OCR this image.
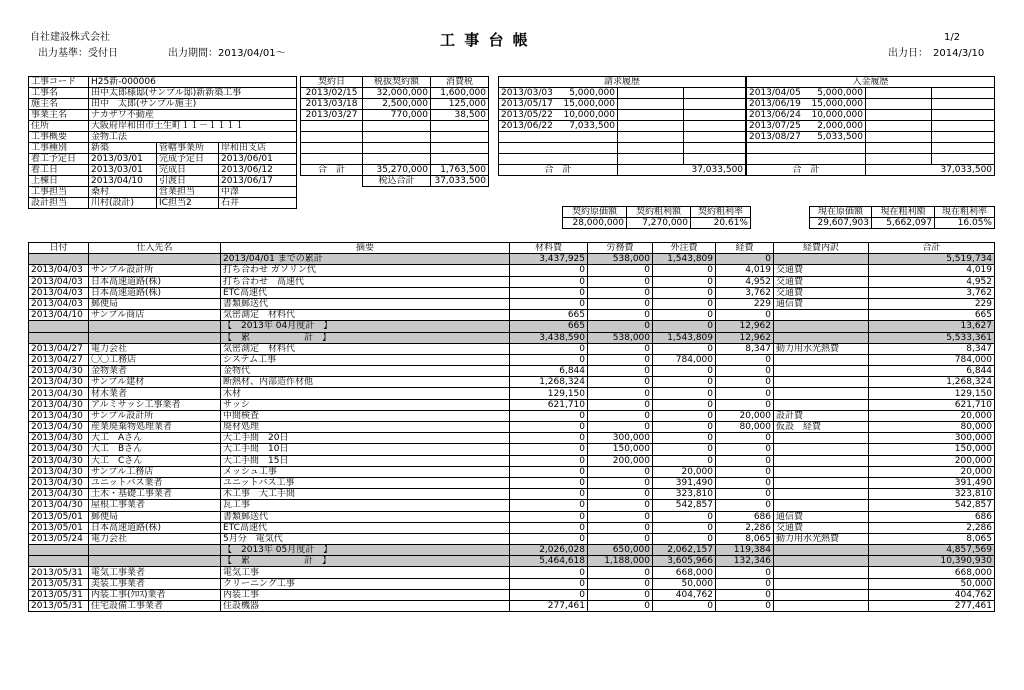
自社建設株式会社
出力基準：受付日	出力期間：2013/04/01～
工 事 台 帳	1/2
出力日：　2014/3/10
工事コード	H25新-000006		
工事名	田中太郎様邸(サンプル邸)新新築工事		
施主名	田中　太郎(サンプル施主)		
事業主名	ナカザワ不動産		
住所	大阪府岸和田市土生町１１－１１１１		
工事概要	金物工法		
工事種別	新築	管轄事業所	岸和田支店
着工予定日	2013/03/01	完成予定日	2013/06/01
着工日	2013/03/01	完成日	2013/06/12
上棟日	2013/04/10	引渡日	2013/06/17
工事担当	桑村	営業担当	中澤
設計担当	川村(設計)	IC担当2	石井
契約日	税抜契約額	消費税
2013/02/15	32,000,000	1,600,000
2013/03/18	2,500,000	125,000
2013/03/27	770,000	38,500

合　計	35,270,000	1,763,500
	税込合計	37,033,500
請求履歴			
2013/03/03	5,000,000		
2013/05/17	15,000,000		
2013/05/22	10,000,000		
2013/06/22	7,033,500		

合　計		37,033,500	
入金履歴			
2013/04/05	5,000,000		
2013/06/19	15,000,000		
2013/06/24	10,000,000		
2013/07/25	2,000,000		
2013/08/27	5,033,500		

合　計		37,033,500	
契約原価額	契約粗利額	契約粗利率
28,000,000	7,270,000	20.61%
現在原価額	現在粗利額	現在粗利率
29,607,903	5,662,097	16.05%
日付	仕入先名	摘要	材料費	労務費	外注費	経費	経費内訳	合計
		2013/04/01 までの累計	3,437,925	538,000	1,543,809	0		5,519,734
2013/04/03	サンプル設計所	打ち合わせ ガソリン代	0	0	0	4,019	交通費	4,019
2013/04/03	日本高速道路(株)	打ち合わせ　高速代	0	0	0	4,952	交通費	4,952
2013/04/03	日本高速道路(株)	ETC高速代	0	0	0	3,762	交通費	3,762
2013/04/03	郵便局	書類郵送代	0	0	0	229	通信費	229
2013/04/10	サンプル商店	気密測定　材料代	665	0	0	0		665
		【　2013年 04月度計　】	665	0	0	12,962		13,627
		【　累　　　　　　計　】	3,438,590	538,000	1,543,809	12,962		5,533,361
2013/04/27	電力会社	気密測定　材料代	0	0	0	8,347	動力用水光熱費	8,347
2013/04/27	〇〇工務店	システム工事	0	0	784,000	0		784,000
2013/04/30	金物業者	金物代	6,844	0	0	0		6,844
2013/04/30	サンプル建材	断熱材、内部造作材他	1,268,324	0	0	0		1,268,324
2013/04/30	材木業者	木材	129,150	0	0	0		129,150
2013/04/30	アルミサッシ工事業者	サッシ	621,710	0	0	0		621,710
2013/04/30	サンプル設計所	中間検査	0	0	0	20,000	設計費	20,000
2013/04/30	産業廃棄物処理業者	廃材処理	0	0	0	80,000	仮設　経費	80,000
2013/04/30	大工　Aさん	大工手間　20日	0	300,000	0	0		300,000
2013/04/30	大工　Bさん	大工手間　10日	0	150,000	0	0		150,000
2013/04/30	大工　Cさん	大工手間　15日	0	200,000	0	0		200,000
2013/04/30	サンプル工務店	メッシュ工事	0	0	20,000	0		20,000
2013/04/30	ユニットバス業者	ユニットバス工事	0	0	391,490	0		391,490
2013/04/30	土木・基礎工事業者	木工事　大工手間	0	0	323,810	0		323,810
2013/04/30	屋根工事業者	瓦工事	0	0	542,857	0		542,857
2013/05/01	郵便局	書類郵送代	0	0	0	686	通信費	686
2013/05/01	日本高速道路(株)	ETC高速代	0	0	0	2,286	交通費	2,286
2013/05/24	電力会社	5月分　電気代	0	0	0	8,065	動力用水光熱費	8,065
		【　2013年 05月度計　】	2,026,028	650,000	2,062,157	119,384		4,857,569
		【　累　　　　　　計　】	5,464,618	1,188,000	3,605,966	132,346		10,390,930
2013/05/31	電気工事業者	電気工事	0	0	668,000	0		668,000
2013/05/31	美装工事業者	クリーニング工事	0	0	50,000	0		50,000
2013/05/31	内装工事(ｸﾛｽ)業者	内装工事	0	0	404,762	0		404,762
2013/05/31	住宅設備工事業者	住設機器	277,461	0	0	0		277,461
